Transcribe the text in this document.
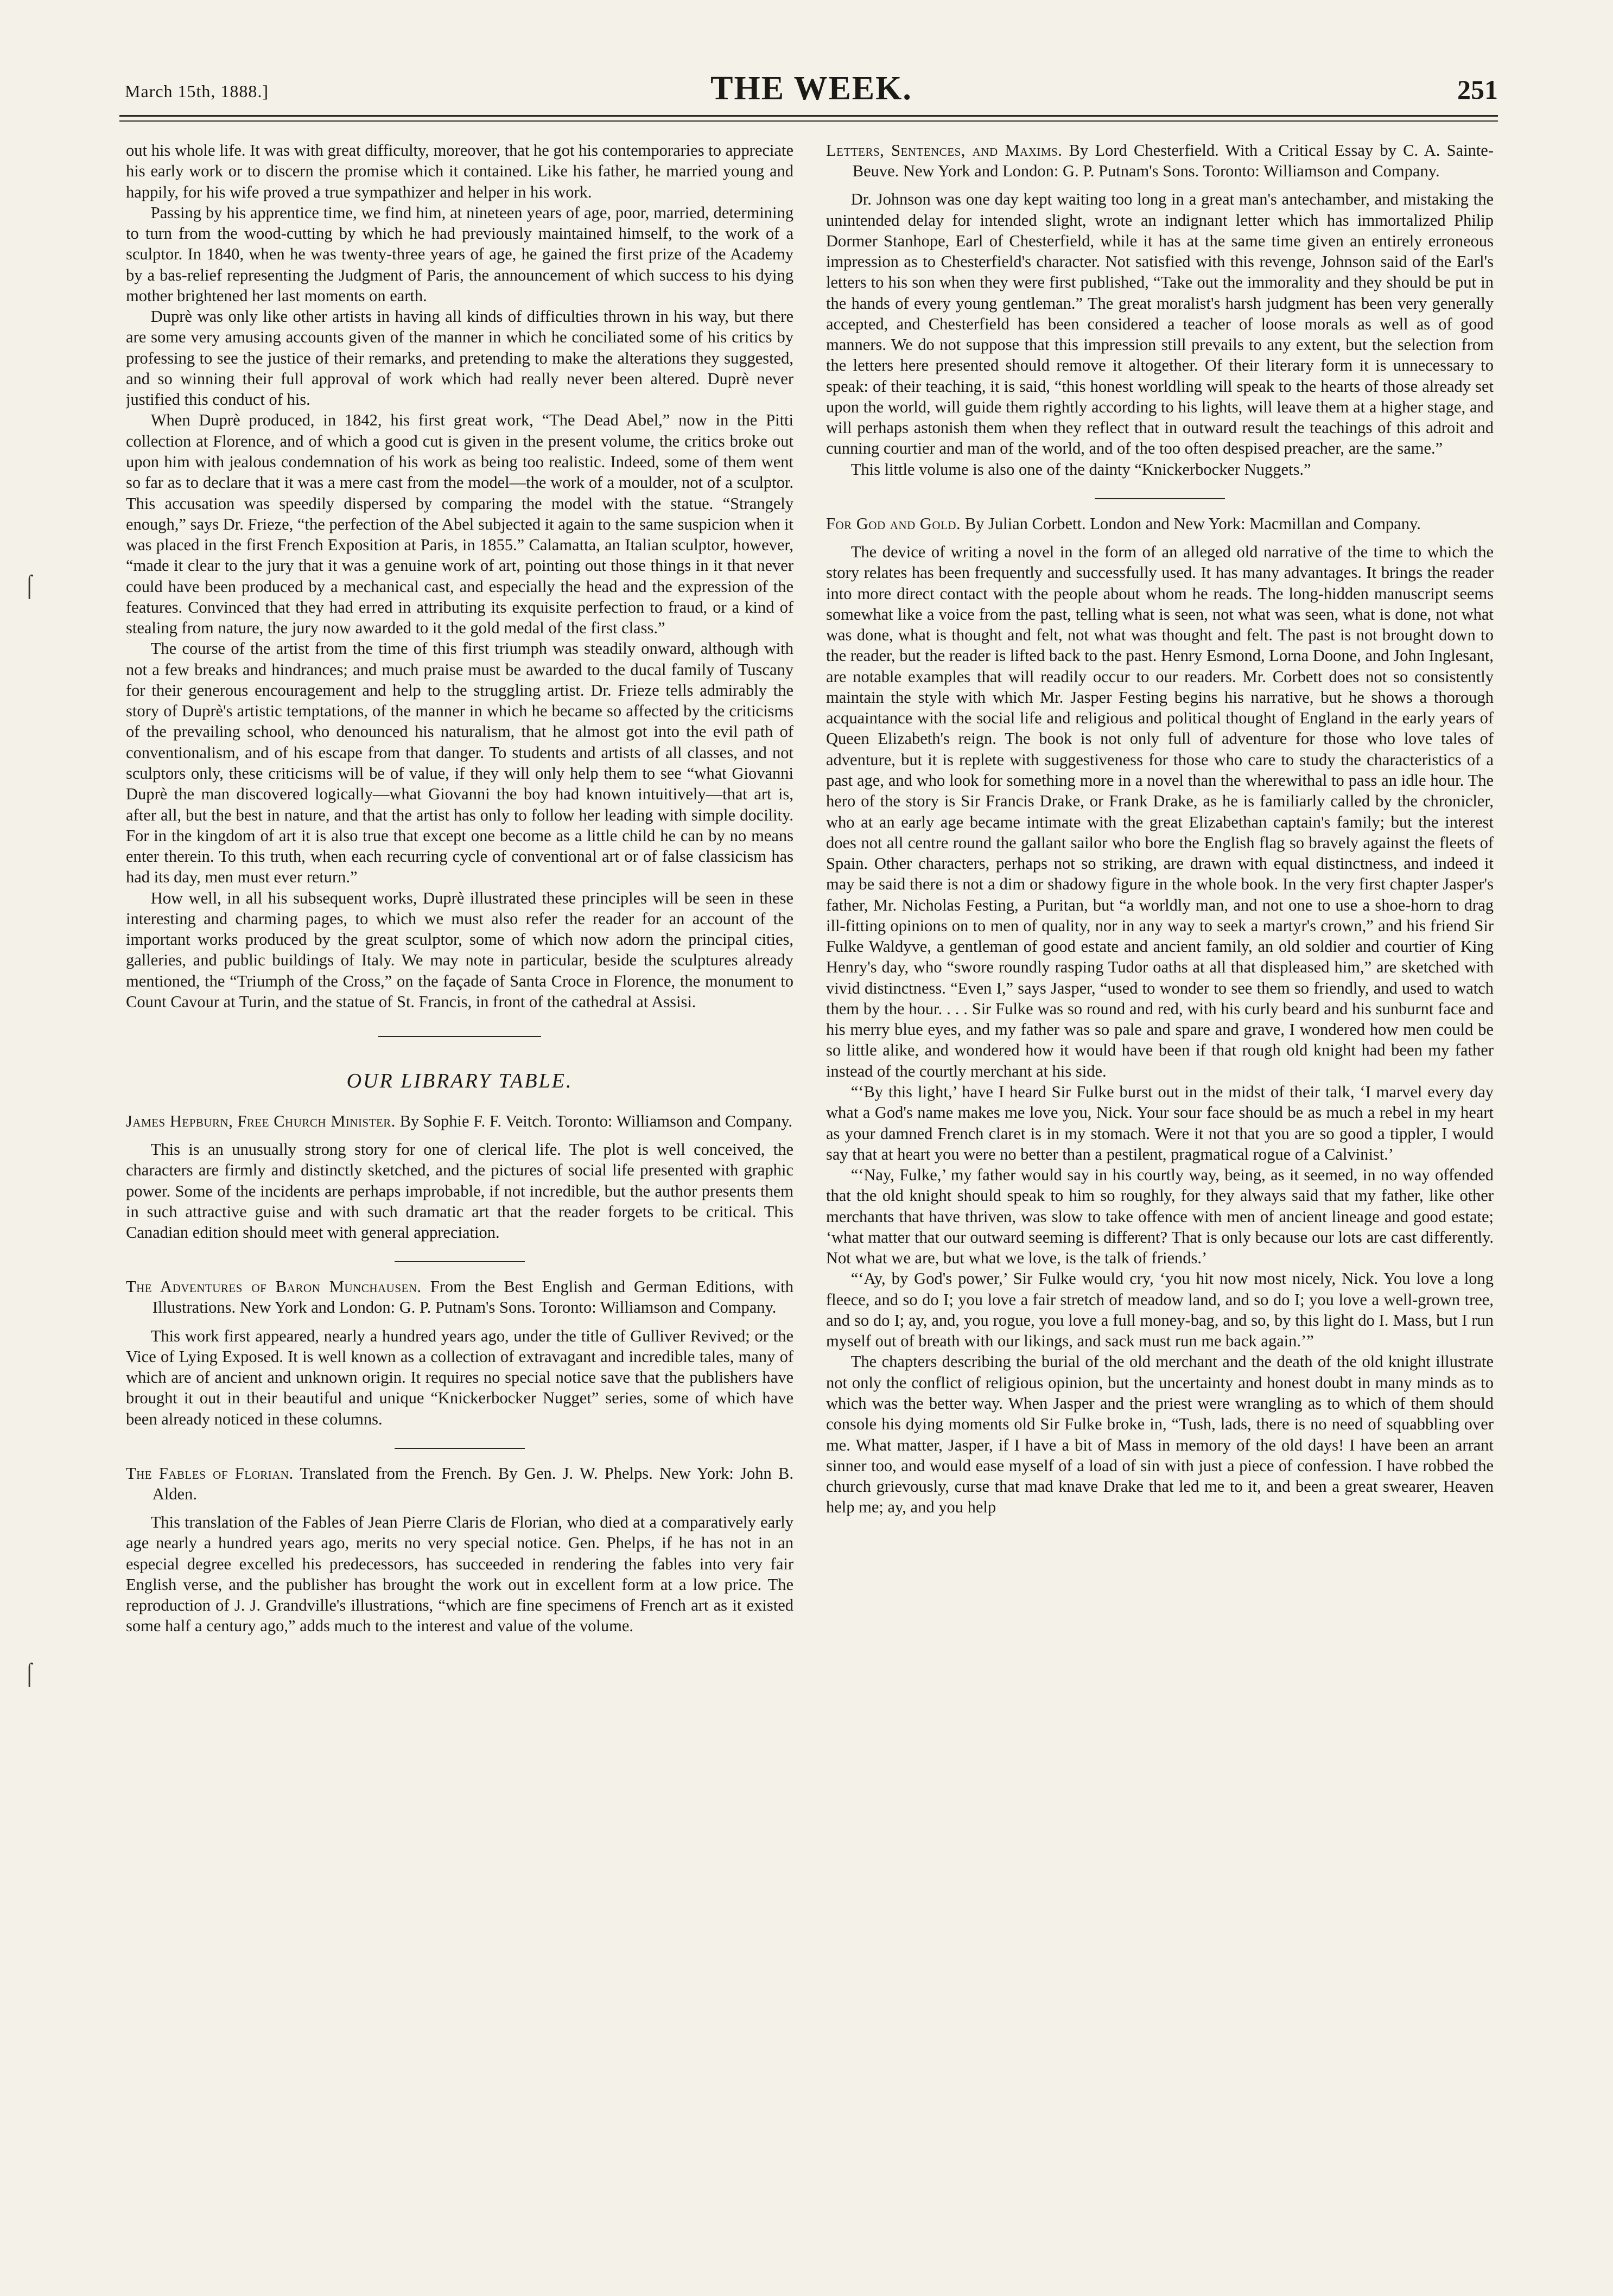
March 15th, 1888.]	THE WEEK.	251
⌠
⌠

out his whole life. It was with great difficulty, moreover, that he got his contemporaries to appreciate his early work or to discern the promise which it contained. Like his father, he married young and happily, for his wife proved a true sympathizer and helper in his work.

Passing by his apprentice time, we find him, at nineteen years of age, poor, married, determining to turn from the wood-cutting by which he had previously maintained himself, to the work of a sculptor. In 1840, when he was twenty-three years of age, he gained the first prize of the Academy by a bas-relief representing the Judgment of Paris, the announcement of which success to his dying mother brightened her last moments on earth.

Duprè was only like other artists in having all kinds of difficulties thrown in his way, but there are some very amusing accounts given of the manner in which he conciliated some of his critics by professing to see the justice of their remarks, and pretending to make the alterations they suggested, and so winning their full approval of work which had really never been altered. Duprè never justified this conduct of his.

When Duprè produced, in 1842, his first great work, “The Dead Abel,” now in the Pitti collection at Florence, and of which a good cut is given in the present volume, the critics broke out upon him with jealous condemnation of his work as being too realistic. Indeed, some of them went so far as to declare that it was a mere cast from the model—the work of a moulder, not of a sculptor. This accusation was speedily dispersed by comparing the model with the statue. “Strangely enough,” says Dr. Frieze, “the perfection of the Abel subjected it again to the same suspicion when it was placed in the first French Exposition at Paris, in 1855.” Calamatta, an Italian sculptor, however, “made it clear to the jury that it was a genuine work of art, pointing out those things in it that never could have been produced by a mechanical cast, and especially the head and the expression of the features. Convinced that they had erred in attributing its exquisite perfection to fraud, or a kind of stealing from nature, the jury now awarded to it the gold medal of the first class.”

The course of the artist from the time of this first triumph was steadily onward, although with not a few breaks and hindrances; and much praise must be awarded to the ducal family of Tuscany for their generous encouragement and help to the struggling artist. Dr. Frieze tells admirably the story of Duprè's artistic temptations, of the manner in which he became so affected by the criticisms of the prevailing school, who denounced his naturalism, that he almost got into the evil path of conventionalism, and of his escape from that danger. To students and artists of all classes, and not sculptors only, these criticisms will be of value, if they will only help them to see “what Giovanni Duprè the man discovered logically—what Giovanni the boy had known intuitively—that art is, after all, but the best in nature, and that the artist has only to follow her leading with simple docility. For in the kingdom of art it is also true that except one become as a little child he can by no means enter therein. To this truth, when each recurring cycle of conventional art or of false classicism has had its day, men must ever return.”

How well, in all his subsequent works, Duprè illustrated these principles will be seen in these interesting and charming pages, to which we must also refer the reader for an account of the important works produced by the great sculptor, some of which now adorn the principal cities, galleries, and public buildings of Italy. We may note in particular, beside the sculptures already mentioned, the “Triumph of the Cross,” on the façade of Santa Croce in Florence, the monument to Count Cavour at Turin, and the statue of St. Francis, in front of the cathedral at Assisi.

OUR LIBRARY TABLE.
James Hepburn, Free Church Minister. By Sophie F. F. Veitch. Toronto: Williamson and Company.

This is an unusually strong story for one of clerical life. The plot is well conceived, the characters are firmly and distinctly sketched, and the pictures of social life presented with graphic power. Some of the incidents are perhaps improbable, if not incredible, but the author presents them in such attractive guise and with such dramatic art that the reader forgets to be critical. This Canadian edition should meet with general appreciation.

The Adventures of Baron Munchausen. From the Best English and German Editions, with Illustrations. New York and London: G. P. Putnam's Sons. Toronto: Williamson and Company.

This work first appeared, nearly a hundred years ago, under the title of Gulliver Revived; or the Vice of Lying Exposed. It is well known as a collection of extravagant and incredible tales, many of which are of ancient and unknown origin. It requires no special notice save that the publishers have brought it out in their beautiful and unique “Knickerbocker Nugget” series, some of which have been already noticed in these columns.

The Fables of Florian. Translated from the French. By Gen. J. W. Phelps. New York: John B. Alden.

This translation of the Fables of Jean Pierre Claris de Florian, who died at a comparatively early age nearly a hundred years ago, merits no very special notice. Gen. Phelps, if he has not in an especial degree excelled his predecessors, has succeeded in rendering the fables into very fair English verse, and the publisher has brought the work out in excellent form at a low price. The reproduction of J. J. Grandville's illustrations, “which are fine specimens of French art as it existed some half a century ago,” adds much to the interest and value of the volume.

Letters, Sentences, and Maxims. By Lord Chesterfield. With a Critical Essay by C. A. Sainte-Beuve. New York and London: G. P. Putnam's Sons. Toronto: Williamson and Company.

Dr. Johnson was one day kept waiting too long in a great man's antechamber, and mistaking the unintended delay for intended slight, wrote an indignant letter which has immortalized Philip Dormer Stanhope, Earl of Chesterfield, while it has at the same time given an entirely erroneous impression as to Chesterfield's character. Not satisfied with this revenge, Johnson said of the Earl's letters to his son when they were first published, “Take out the immorality and they should be put in the hands of every young gentleman.” The great moralist's harsh judgment has been very generally accepted, and Chesterfield has been considered a teacher of loose morals as well as of good manners. We do not suppose that this impression still prevails to any extent, but the selection from the letters here presented should remove it altogether. Of their literary form it is unnecessary to speak: of their teaching, it is said, “this honest worldling will speak to the hearts of those already set upon the world, will guide them rightly according to his lights, will leave them at a higher stage, and will perhaps astonish them when they reflect that in outward result the teachings of this adroit and cunning courtier and man of the world, and of the too often despised preacher, are the same.”

This little volume is also one of the dainty “Knickerbocker Nuggets.”

For God and Gold. By Julian Corbett. London and New York: Macmillan and Company.

The device of writing a novel in the form of an alleged old narrative of the time to which the story relates has been frequently and successfully used. It has many advantages. It brings the reader into more direct contact with the people about whom he reads. The long-hidden manuscript seems somewhat like a voice from the past, telling what is seen, not what was seen, what is done, not what was done, what is thought and felt, not what was thought and felt. The past is not brought down to the reader, but the reader is lifted back to the past. Henry Esmond, Lorna Doone, and John Inglesant, are notable examples that will readily occur to our readers. Mr. Corbett does not so consistently maintain the style with which Mr. Jasper Festing begins his narrative, but he shows a thorough acquaintance with the social life and religious and political thought of England in the early years of Queen Elizabeth's reign. The book is not only full of adventure for those who love tales of adventure, but it is replete with suggestiveness for those who care to study the characteristics of a past age, and who look for something more in a novel than the wherewithal to pass an idle hour. The hero of the story is Sir Francis Drake, or Frank Drake, as he is familiarly called by the chronicler, who at an early age became intimate with the great Elizabethan captain's family; but the interest does not all centre round the gallant sailor who bore the English flag so bravely against the fleets of Spain. Other characters, perhaps not so striking, are drawn with equal distinctness, and indeed it may be said there is not a dim or shadowy figure in the whole book. In the very first chapter Jasper's father, Mr. Nicholas Festing, a Puritan, but “a worldly man, and not one to use a shoe-horn to drag ill-fitting opinions on to men of quality, nor in any way to seek a martyr's crown,” and his friend Sir Fulke Waldyve, a gentleman of good estate and ancient family, an old soldier and courtier of King Henry's day, who “swore roundly rasping Tudor oaths at all that displeased him,” are sketched with vivid distinctness. “Even I,” says Jasper, “used to wonder to see them so friendly, and used to watch them by the hour. . . . Sir Fulke was so round and red, with his curly beard and his sunburnt face and his merry blue eyes, and my father was so pale and spare and grave, I wondered how men could be so little alike, and wondered how it would have been if that rough old knight had been my father instead of the courtly merchant at his side.

“‘By this light,’ have I heard Sir Fulke burst out in the midst of their talk, ‘I marvel every day what a God's name makes me love you, Nick. Your sour face should be as much a rebel in my heart as your damned French claret is in my stomach. Were it not that you are so good a tippler, I would say that at heart you were no better than a pestilent, pragmatical rogue of a Calvinist.’

“‘Nay, Fulke,’ my father would say in his courtly way, being, as it seemed, in no way offended that the old knight should speak to him so roughly, for they always said that my father, like other merchants that have thriven, was slow to take offence with men of ancient lineage and good estate; ‘what matter that our outward seeming is different? That is only because our lots are cast differently. Not what we are, but what we love, is the talk of friends.’

“‘Ay, by God's power,’ Sir Fulke would cry, ‘you hit now most nicely, Nick. You love a long fleece, and so do I; you love a fair stretch of meadow land, and so do I; you love a well-grown tree, and so do I; ay, and, you rogue, you love a full money-bag, and so, by this light do I. Mass, but I run myself out of breath with our likings, and sack must run me back again.’”

The chapters describing the burial of the old merchant and the death of the old knight illustrate not only the conflict of religious opinion, but the uncertainty and honest doubt in many minds as to which was the better way. When Jasper and the priest were wrangling as to which of them should console his dying moments old Sir Fulke broke in, “Tush, lads, there is no need of squabbling over me. What matter, Jasper, if I have a bit of Mass in memory of the old days! I have been an arrant sinner too, and would ease myself of a load of sin with just a piece of confession. I have robbed the church grievously, curse that mad knave Drake that led me to it, and been a great swearer, Heaven help me; ay, and you help
